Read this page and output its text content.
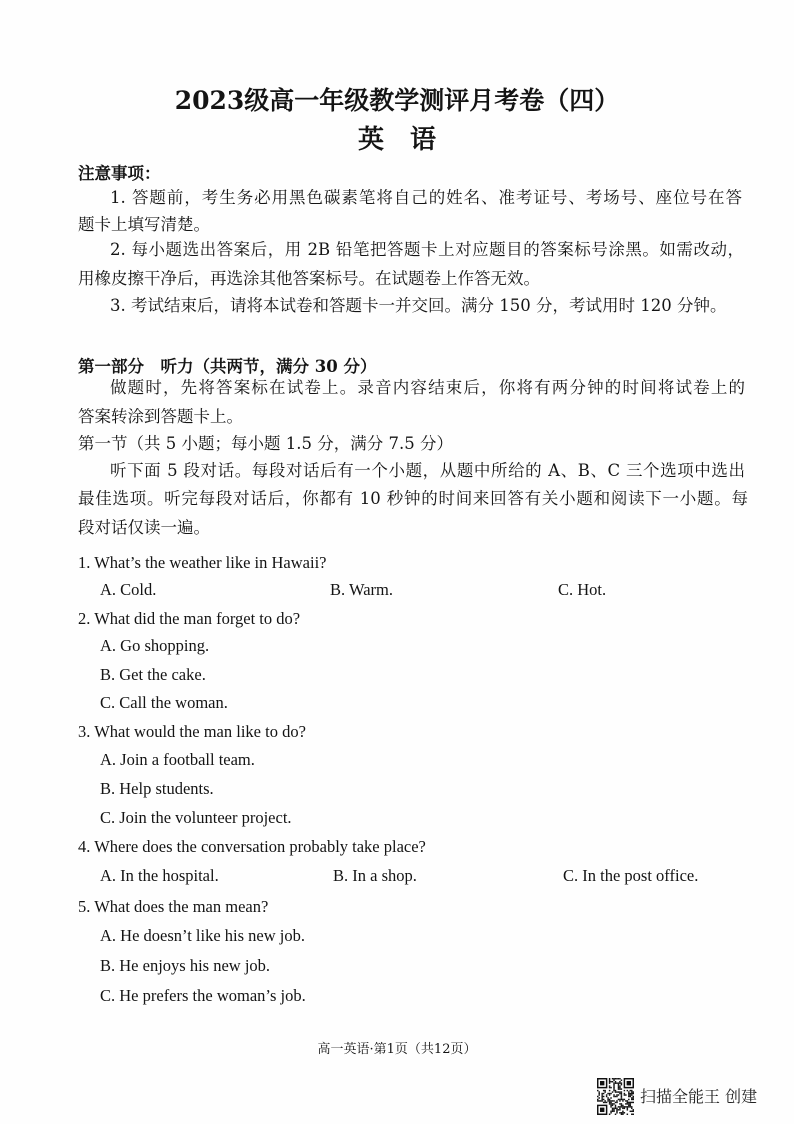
2023级高一年级教学测评月考卷（四）
英　语
注意事项：
1. 答题前，考生务必用黑色碳素笔将自己的姓名、准考证号、考场号、座位号在答
题卡上填写清楚。
2. 每小题选出答案后，用 2B 铅笔把答题卡上对应题目的答案标号涂黑。如需改动，
用橡皮擦干净后，再选涂其他答案标号。在试题卷上作答无效。
3. 考试结束后，请将本试卷和答题卡一并交回。满分 150 分，考试用时 120 分钟。
第一部分　听力（共两节，满分 30 分）
做题时，先将答案标在试卷上。录音内容结束后，你将有两分钟的时间将试卷上的
答案转涂到答题卡上。
第一节（共 5 小题；每小题 1.5 分，满分 7.5 分）
听下面 5 段对话。每段对话后有一个小题，从题中所给的 A、B、C 三个选项中选出
最佳选项。听完每段对话后，你都有 10 秒钟的时间来回答有关小题和阅读下一小题。每
段对话仅读一遍。
1. What’s the weather like in Hawaii?
A. Cold.	B. Warm.	C. Hot.
2. What did the man forget to do?
A. Go shopping.
B. Get the cake.
C. Call the woman.
3. What would the man like to do?
A. Join a football team.
B. Help students.
C. Join the volunteer project.
4. Where does the conversation probably take place?
A. In the hospital.	B. In a shop.	C. In the post office.
5. What does the man mean?
A. He doesn’t like his new job.
B. He enjoys his new job.
C. He prefers the woman’s job.
高一英语·第1页（共12页）
扫描全能王 创建
